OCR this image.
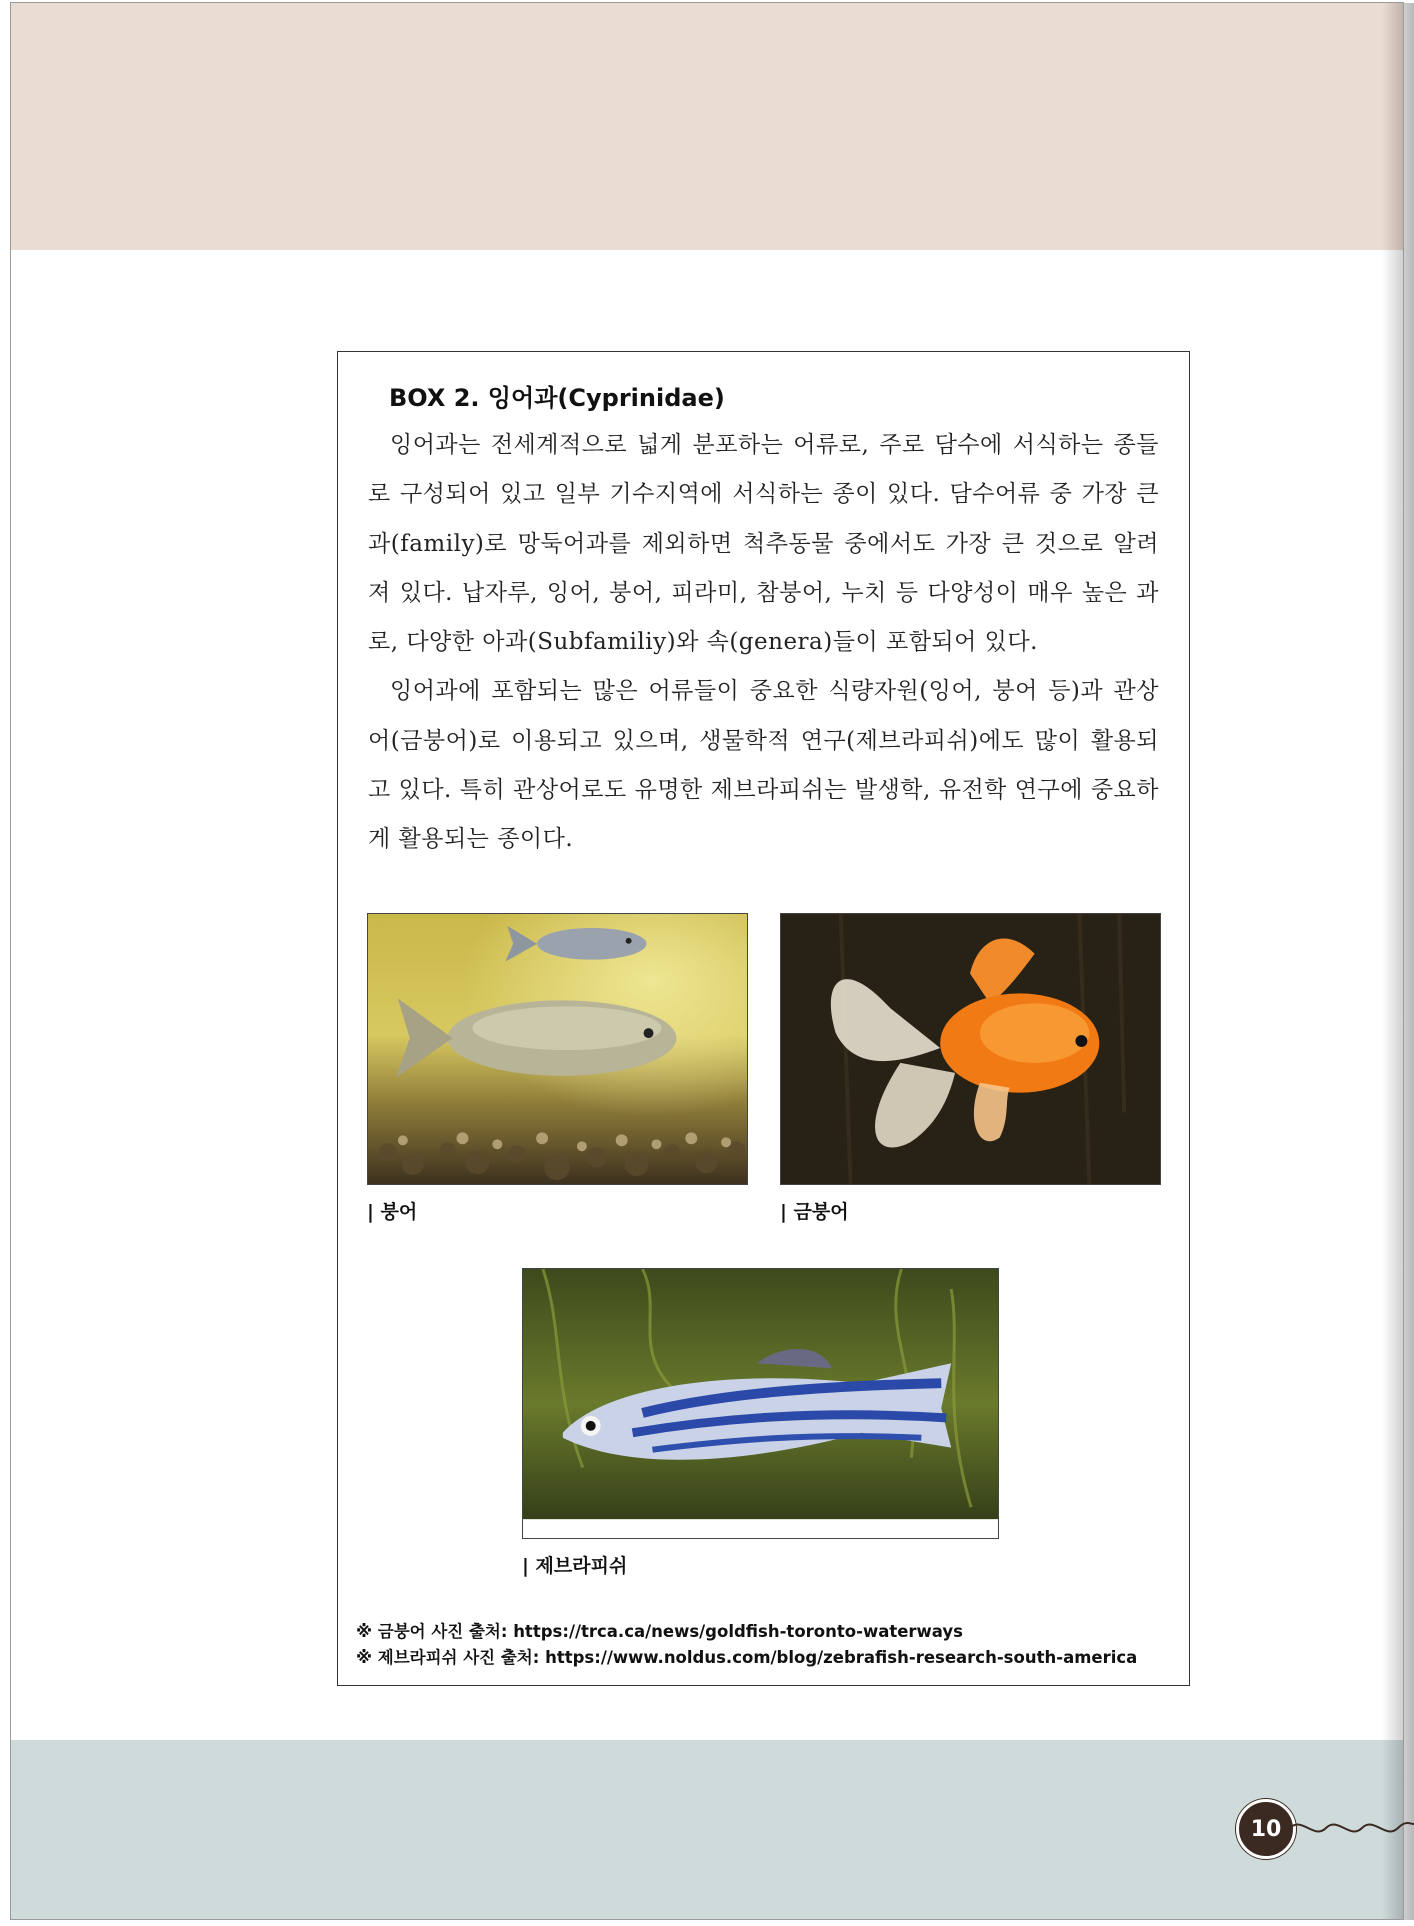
BOX 2. 잉어과(Cyprinidae)

잉어과는 전세계적으로 넓게 분포하는 어류로, 주로 담수에 서식하는 종들로 구성되어 있고 일부 기수지역에 서식하는 종이 있다. 담수어류 중 가장 큰 과(family)로 망둑어과를 제외하면 척추동물 중에서도 가장 큰 것으로 알려져 있다. 납자루, 잉어, 붕어, 피라미, 참붕어, 누치 등 다양성이 매우 높은 과로, 다양한 아과(Subfamiliy)와 속(genera)들이 포함되어 있다.

잉어과에 포함되는 많은 어류들이 중요한 식량자원(잉어, 붕어 등)과 관상어(금붕어)로 이용되고 있으며, 생물학적 연구(제브라피쉬)에도 많이 활용되고 있다. 특히 관상어로도 유명한 제브라피쉬는 발생학, 유전학 연구에 중요하게 활용되는 종이다.

| 붕어	| 금붕어
| 제브라피쉬
※ 금붕어 사진 출처: https://trca.ca/news/goldfish-toronto-waterways
※ 제브라피쉬 사진 출처: https://www.noldus.com/blog/zebrafish-research-south-america
10
